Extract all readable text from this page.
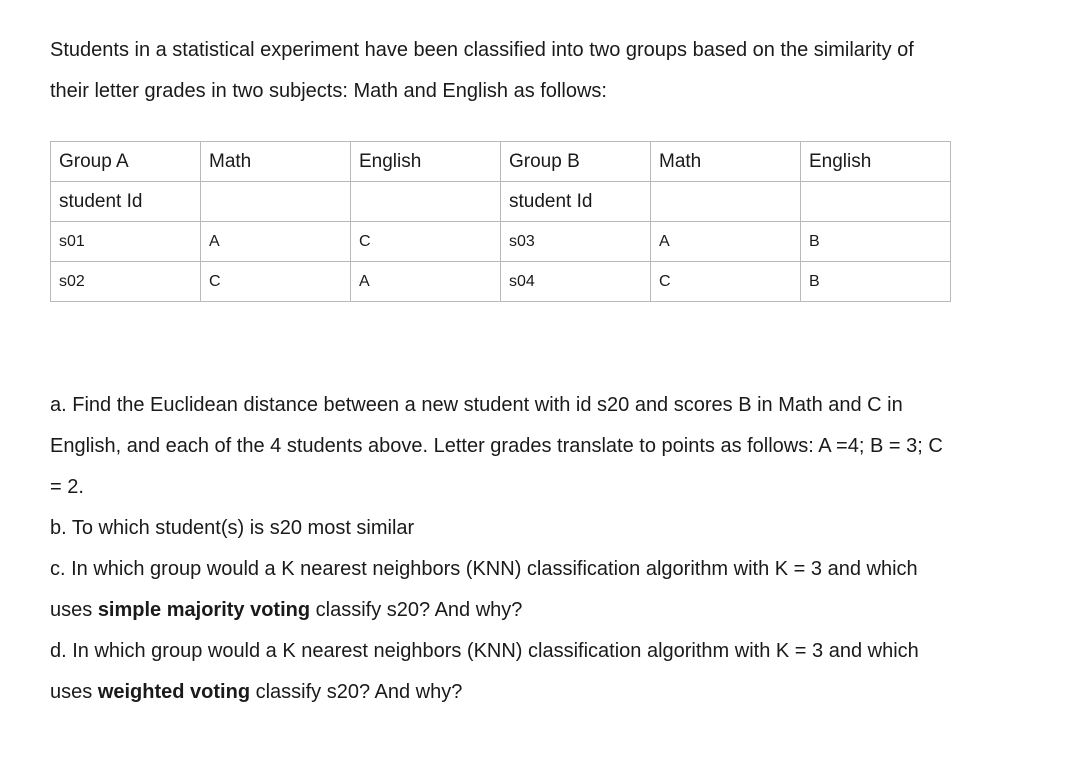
Students in a statistical experiment have been classified into two groups based on the similarity of
their letter grades in two subjects: Math and English as follows:

Group A	Math	English	Group B	Math	English
student Id			student Id		
s01	A	C	s03	A	B
s02	C	A	s04	C	B
a. Find the Euclidean distance between a new student with id s20 and scores B in Math and C in
English, and each of the 4 students above. Letter grades translate to points as follows: A =4; B = 3; C
= 2.
b. To which student(s) is s20 most similar
c. In which group would a K nearest neighbors (KNN) classification algorithm with K = 3 and which
uses simple majority voting classify s20? And why?
d. In which group would a K nearest neighbors (KNN) classification algorithm with K = 3 and which
uses weighted voting classify s20? And why?
